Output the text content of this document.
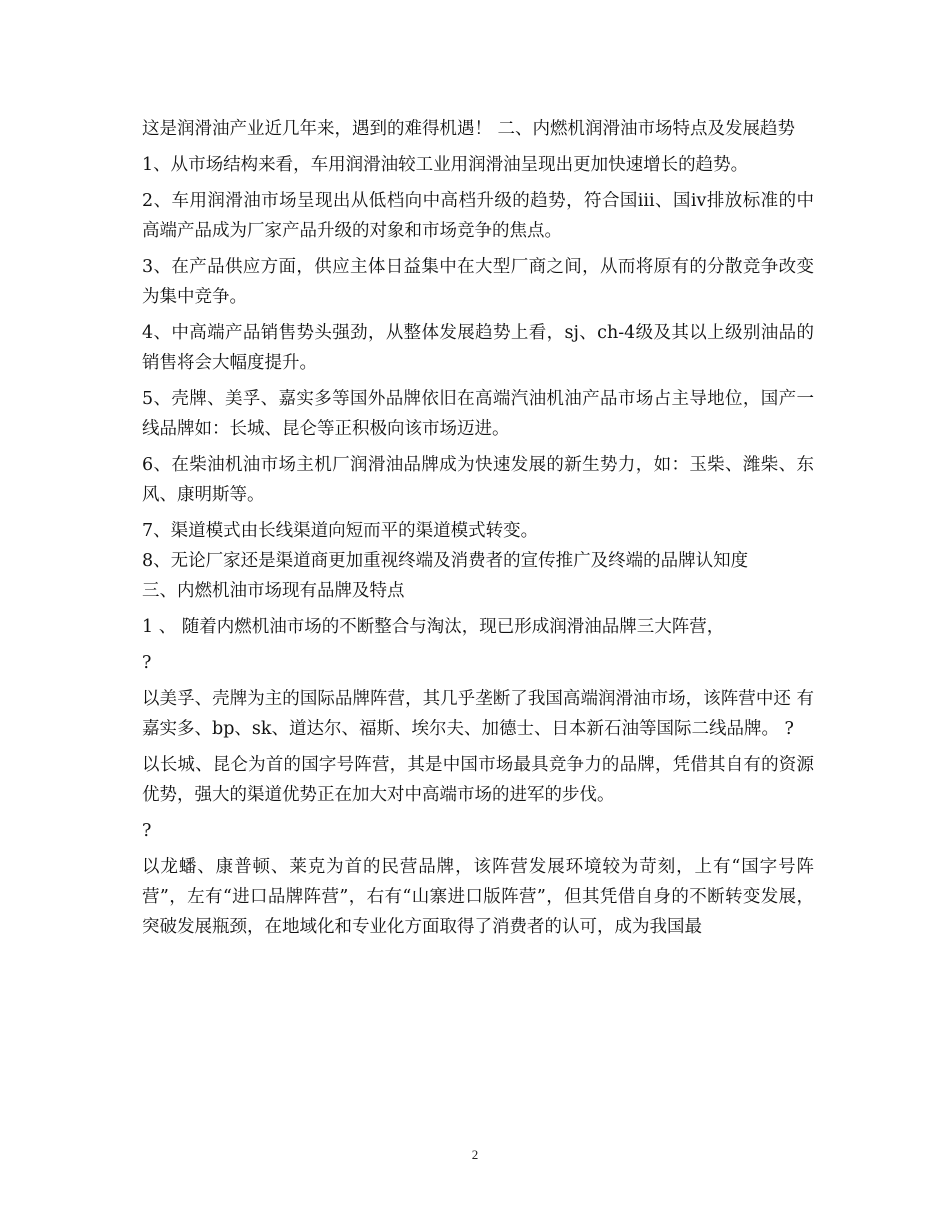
这是润滑油产业近几年来，遇到的难得机遇！ 二、内燃机润滑油市场特点及发展趋势

1、从市场结构来看，车用润滑油较工业用润滑油呈现出更加快速增长的趋势。

2、车用润滑油市场呈现出从低档向中高档升级的趋势，符合国iii、国iv排放标准的中高端产品成为厂家产品升级的对象和市场竞争的焦点。

3、在产品供应方面，供应主体日益集中在大型厂商之间，从而将原有的分散竞争改变为集中竞争。

4、中高端产品销售势头强劲，从整体发展趋势上看，sj、ch-4级及其以上级别油品的销售将会大幅度提升。

5、壳牌、美孚、嘉实多等国外品牌依旧在高端汽油机油产品市场占主导地位，国产一线品牌如：长城、昆仑等正积极向该市场迈进。

6、在柴油机油市场主机厂润滑油品牌成为快速发展的新生势力，如：玉柴、潍柴、东风、康明斯等。

7、渠道模式由长线渠道向短而平的渠道模式转变。

8、无论厂家还是渠道商更加重视终端及消费者的宣传推广及终端的品牌认知度

三、内燃机油市场现有品牌及特点

1 、 随着内燃机油市场的不断整合与淘汰，现已形成润滑油品牌三大阵营，

?

以美孚、壳牌为主的国际品牌阵营，其几乎垄断了我国高端润滑油市场，该阵营中还 有嘉实多、bp、sk、道达尔、福斯、埃尔夫、加德士、日本新石油等国际二线品牌。 ?

以长城、昆仑为首的国字号阵营，其是中国市场最具竞争力的品牌，凭借其自有的资源优势，强大的渠道优势正在加大对中高端市场的进军的步伐。

?

以龙蟠、康普顿、莱克为首的民营品牌，该阵营发展环境较为苛刻，上有“国字号阵营”，左有“进口品牌阵营”，右有“山寨进口版阵营”，但其凭借自身的不断转变发展，突破发展瓶颈，在地域化和专业化方面取得了消费者的认可，成为我国最

2
